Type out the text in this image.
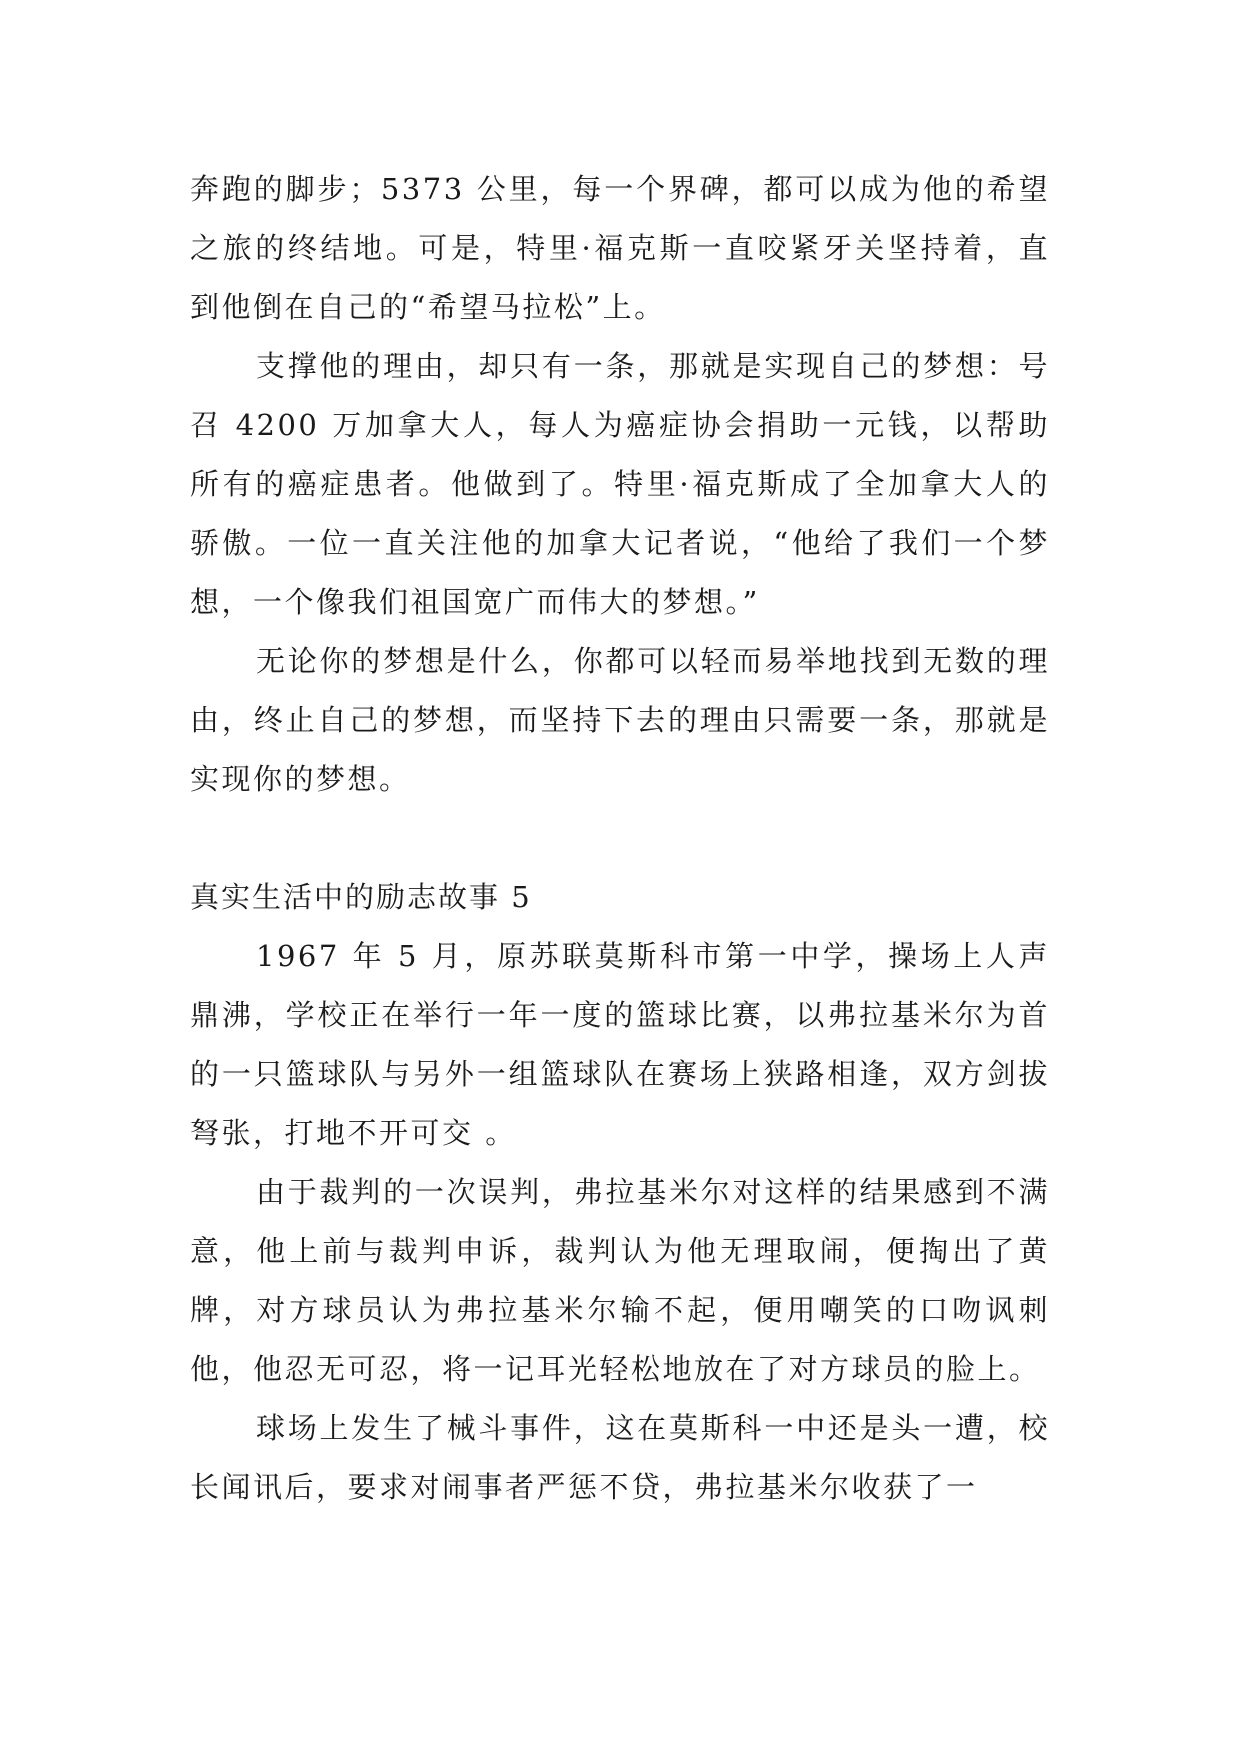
奔跑的脚步；5373 公里，每一个界碑，都可以成为他的希望之旅的终结地。可是，特里·福克斯一直咬紧牙关坚持着，直到他倒在自己的“希望马拉松”上。

支撑他的理由，却只有一条，那就是实现自己的梦想：号召 4200 万加拿大人，每人为癌症协会捐助一元钱，以帮助所有的癌症患者。他做到了。特里·福克斯成了全加拿大人的骄傲。一位一直关注他的加拿大记者说，“他给了我们一个梦想，一个像我们祖国宽广而伟大的梦想。”

无论你的梦想是什么，你都可以轻而易举地找到无数的理由，终止自己的梦想，而坚持下去的理由只需要一条，那就是实现你的梦想。

真实生活中的励志故事 5

1967 年 5 月，原苏联莫斯科市第一中学，操场上人声鼎沸，学校正在举行一年一度的篮球比赛，以弗拉基米尔为首的一只篮球队与另外一组篮球队在赛场上狭路相逢，双方剑拔弩张，打地不开可交 。

由于裁判的一次误判，弗拉基米尔对这样的结果感到不满意，他上前与裁判申诉，裁判认为他无理取闹，便掏出了黄牌，对方球员认为弗拉基米尔输不起，便用嘲笑的口吻讽刺他，他忍无可忍，将一记耳光轻松地放在了对方球员的脸上。

球场上发生了械斗事件，这在莫斯科一中还是头一遭，校长闻讯后，要求对闹事者严惩不贷，弗拉基米尔收获了一
